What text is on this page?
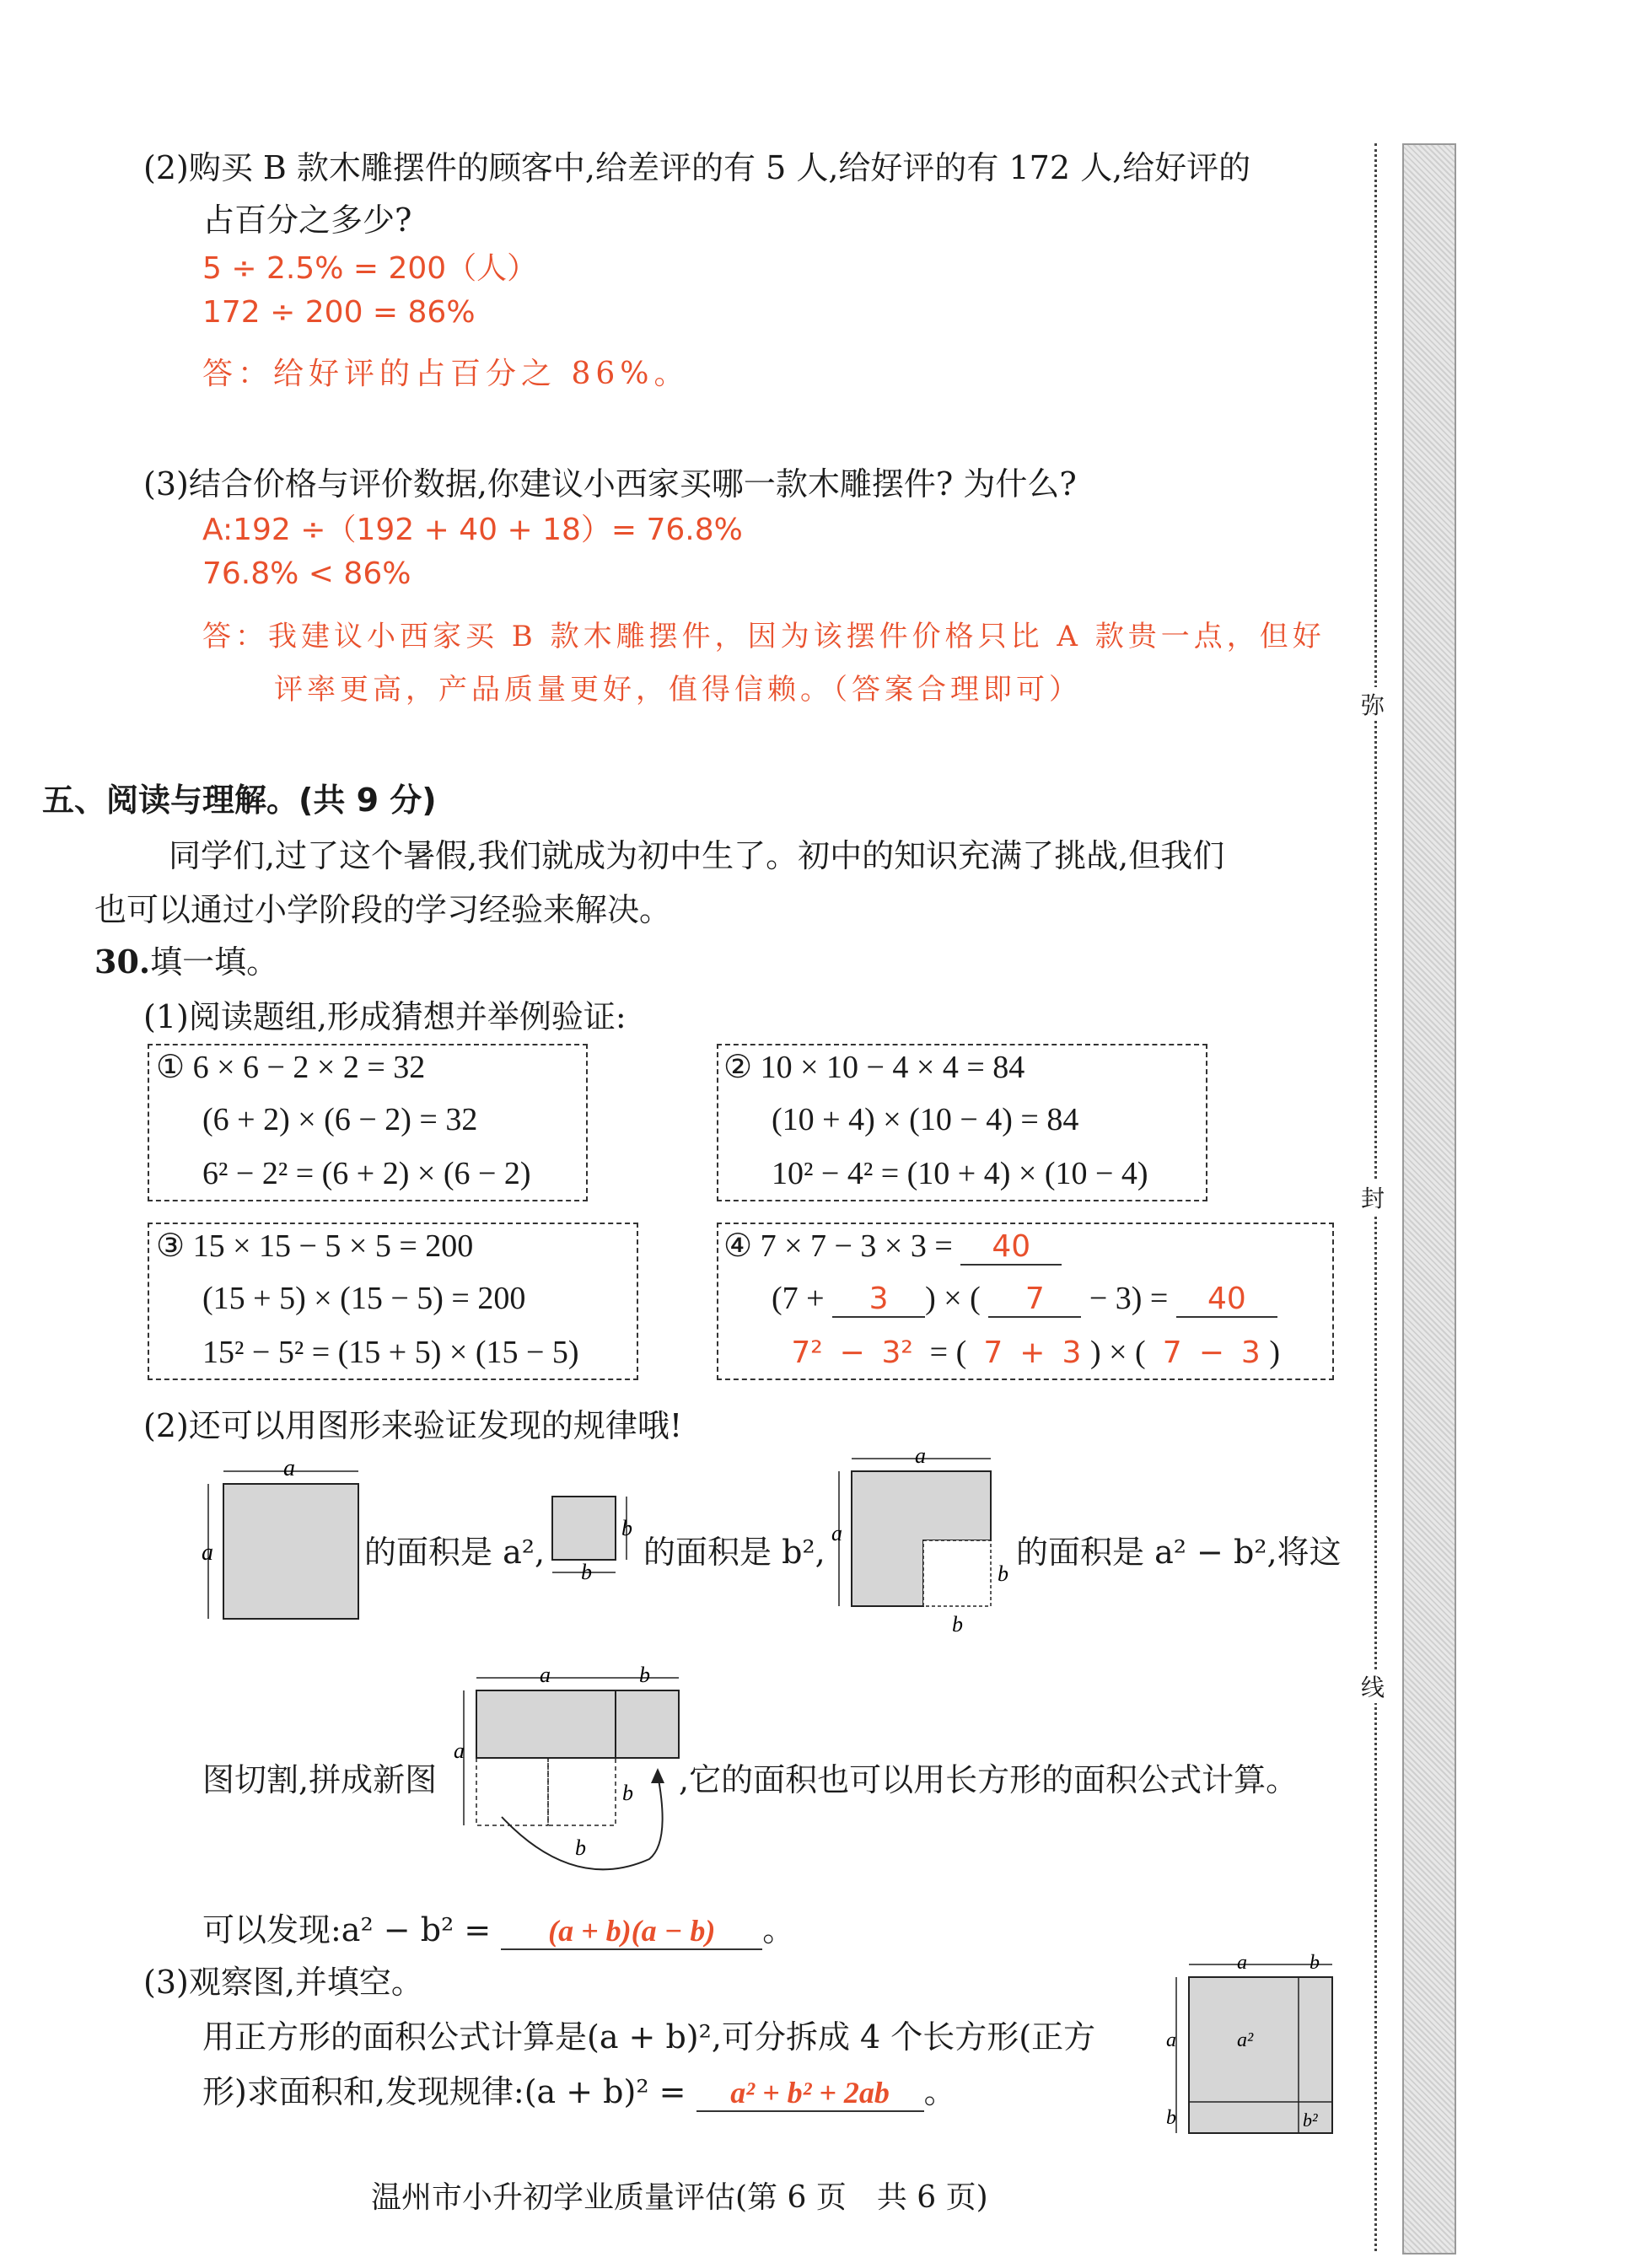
弥
封
线
(2)购买 B 款木雕摆件的顾客中,给差评的有 5 人,给好评的有 172 人,给好评的
占百分之多少?
5 ÷ 2.5% = 200（人）
172 ÷ 200 = 86%
答：给好评的占百分之 86%。
(3)结合价格与评价数据,你建议小西家买哪一款木雕摆件? 为什么?
A:192 ÷（192 + 40 + 18）= 76.8%
76.8% < 86%
答：我建议小西家买 B 款木雕摆件，因为该摆件价格只比 A 款贵一点，但好
评率更高，产品质量更好，值得信赖。（答案合理即可）
五、阅读与理解。(共 9 分)
同学们,过了这个暑假,我们就成为初中生了。初中的知识充满了挑战,但我们
也可以通过小学阶段的学习经验来解决。
30.填一填。
(1)阅读题组,形成猜想并举例验证:
① 6 × 6 − 2 × 2 = 32
(6 + 2) × (6 − 2) = 32
6² − 2² = (6 + 2) × (6 − 2)
② 10 × 10 − 4 × 4 = 84
(10 + 4) × (10 − 4) = 84
10² − 4² = (10 + 4) × (10 − 4)
③ 15 × 15 − 5 × 5 = 200
(15 + 5) × (15 − 5) = 200
15² − 5² = (15 + 5) × (15 − 5)
④ 7 × 7 − 3 × 3 = 40
(7 + 3 ) × ( 7 − 3) = 40
7² − 3² = ( 7 + 3 ) × ( 7 − 3 )
(2)还可以用图形来验证发现的规律哦!
a
a	的面积是 a²,
b
b
的面积是 b²,
a
a
b
b
的面积是 a² − b²,将这
图切割,拼成新图
a	b
a
b
b
,它的面积也可以用长方形的面积公式计算。
可以发现:a² − b² = (a + b)(a − b) 。
(3)观察图,并填空。
用正方形的面积公式计算是(a + b)²,可分拆成 4 个长方形(正方
形)求面积和,发现规律:(a + b)² = a² + b² + 2ab 。
a	b
a
b
a²
b²
温州市小升初学业质量评估(第 6 页　共 6 页)
